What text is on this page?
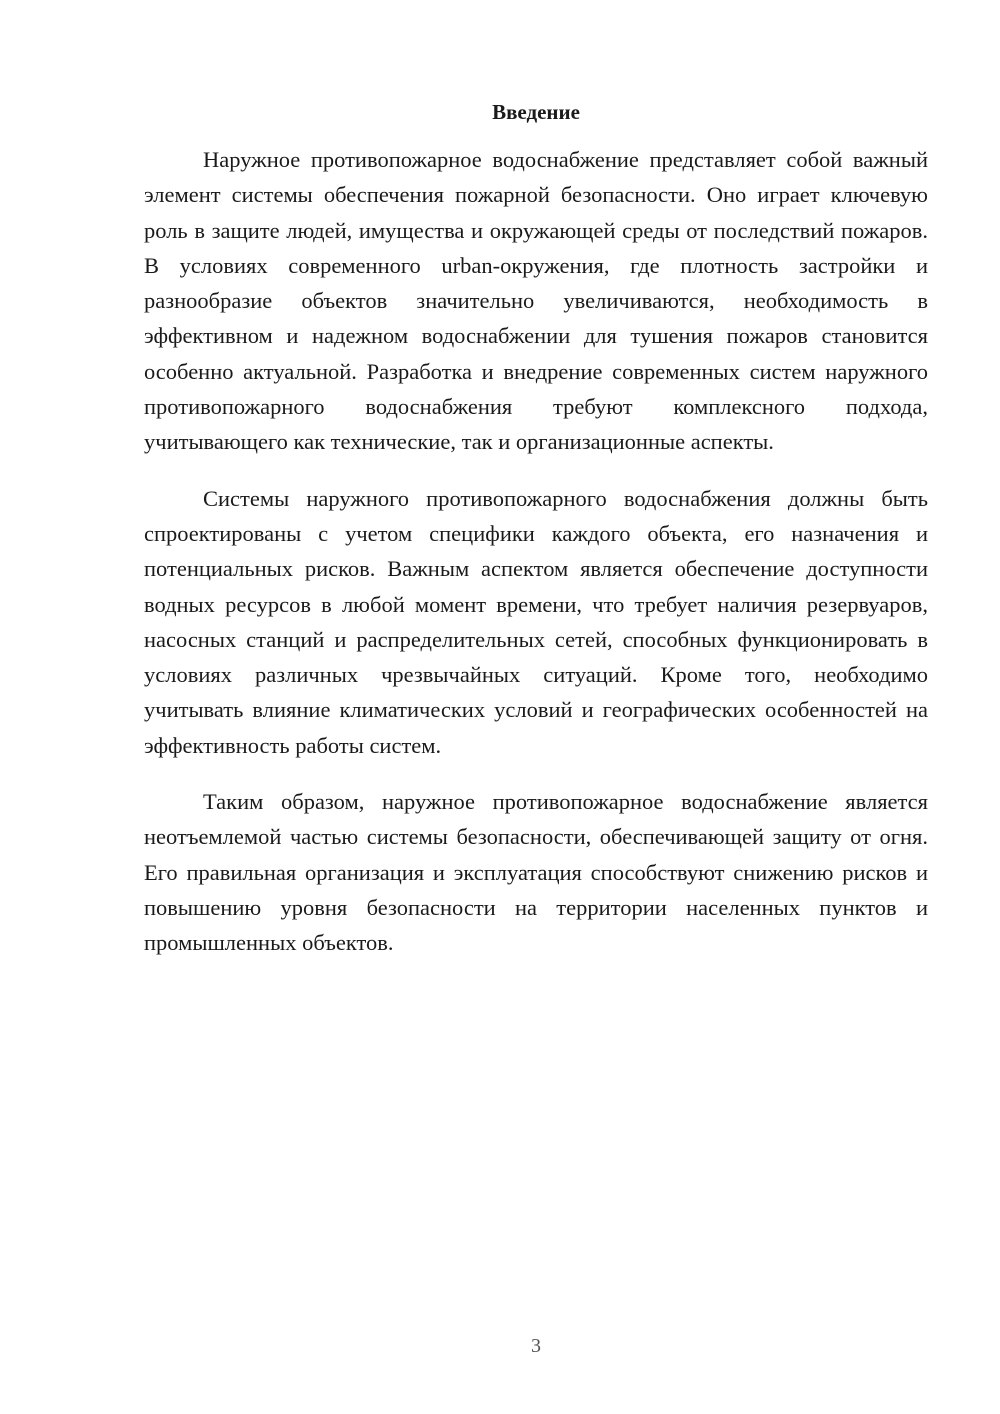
Введение

Наружное противопожарное водоснабжение представляет собой важный элемент системы обеспечения пожарной безопасности. Оно играет ключевую роль в защите людей, имущества и окружающей среды от последствий пожаров. В условиях современного urban-окружения, где плотность застройки и разнообразие объектов значительно увеличиваются, необходимость в эффективном и надежном водоснабжении для тушения пожаров становится особенно актуальной. Разработка и внедрение современных систем наружного противопожарного водоснабжения требуют комплексного подхода, учитывающего как технические, так и организационные аспекты.

Системы наружного противопожарного водоснабжения должны быть спроектированы с учетом специфики каждого объекта, его назначения и потенциальных рисков. Важным аспектом является обеспечение доступности водных ресурсов в любой момент времени, что требует наличия резервуаров, насосных станций и распределительных сетей, способных функционировать в условиях различных чрезвычайных ситуаций. Кроме того, необходимо учитывать влияние климатических условий и географических особенностей на эффективность работы систем.

Таким образом, наружное противопожарное водоснабжение является неотъемлемой частью системы безопасности, обеспечивающей защиту от огня. Его правильная организация и эксплуатация способствуют снижению рисков и повышению уровня безопасности на территории населенных пунктов и промышленных объектов.

3
